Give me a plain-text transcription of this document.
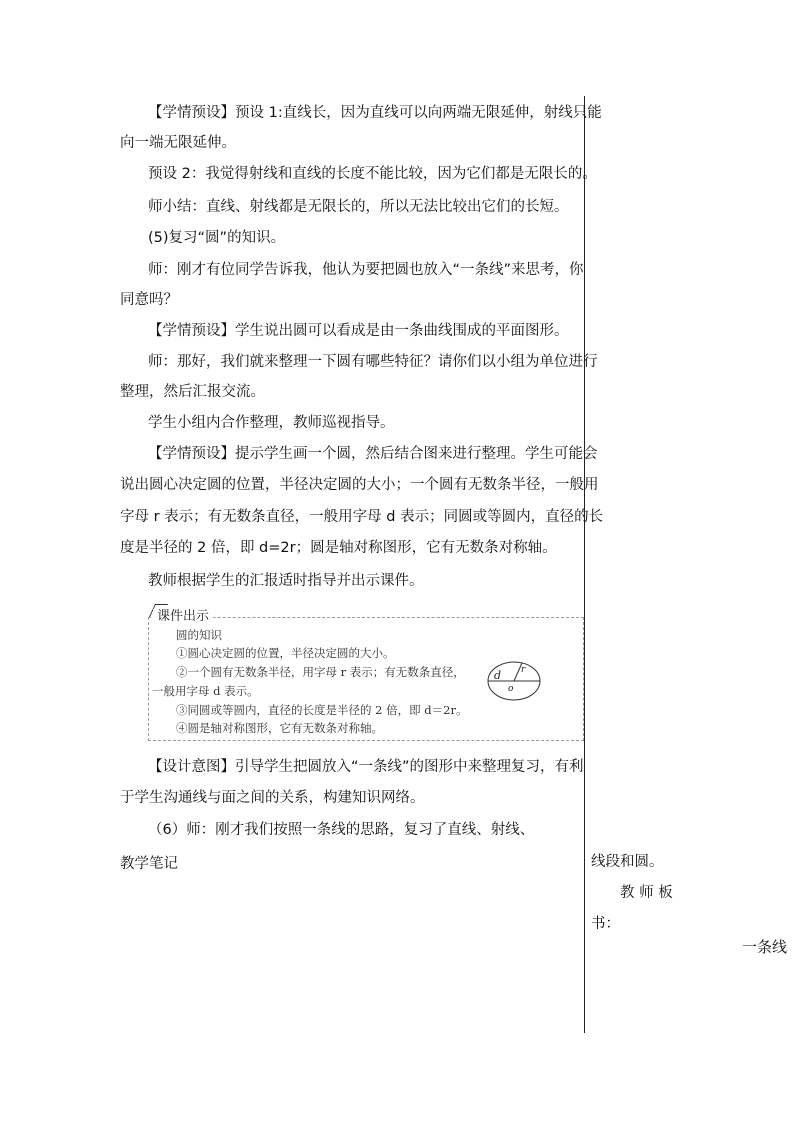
【学情预设】预设 1:直线长，因为直线可以向两端无限延伸，射线只能
向一端无限延伸。
预设 2：我觉得射线和直线的长度不能比较，因为它们都是无限长的。
师小结：直线、射线都是无限长的，所以无法比较出它们的长短。
(5)复习“圆”的知识。
师：刚才有位同学告诉我，他认为要把圆也放入“一条线”来思考，你
同意吗？
【学情预设】学生说出圆可以看成是由一条曲线围成的平面图形。
师：那好，我们就来整理一下圆有哪些特征？请你们以小组为单位进行
整理，然后汇报交流。
学生小组内合作整理，教师巡视指导。
【学情预设】提示学生画一个圆，然后结合图来进行整理。学生可能会
说出圆心决定圆的位置，半径决定圆的大小；一个圆有无数条半径，一般用
字母 r 表示；有无数条直径，一般用字母 d 表示；同圆或等圆内，直径的长
度是半径的 2 倍，即 d=2r；圆是轴对称图形，它有无数条对称轴。
教师根据学生的汇报适时指导并出示课件。
课件出示
圆的知识
①圆心决定圆的位置，半径决定圆的大小。
②一个圆有无数条半径，用字母 r 表示；有无数条直径，
一般用字母 d 表示。
③同圆或等圆内，直径的长度是半径的 2 倍，即 d＝2r。
④圆是轴对称图形，它有无数条对称轴。
d r
o
【设计意图】引导学生把圆放入“一条线”的图形中来整理复习，有利
于学生沟通线与面之间的关系，构建知识网络。
（6）师：刚才我们按照一条线的思路，复习了直线、射线、
线段和圆。
教 师 板
书：
一条线
教学笔记
